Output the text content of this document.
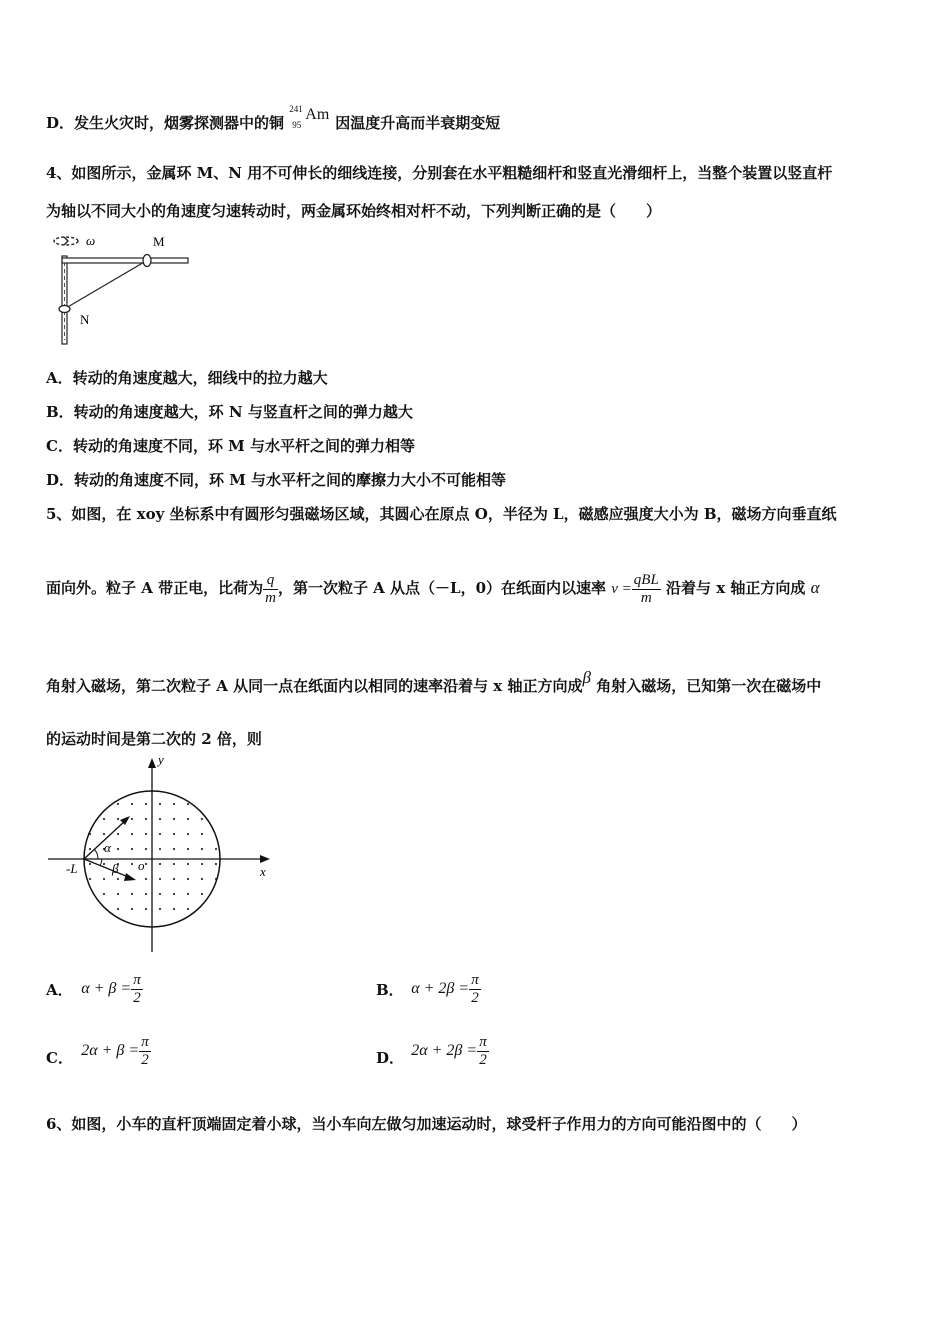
D．发生火灾时，烟雾探测器中的铜
241
95
Am 因温度升高而半衰期变短
4、如图所示，金属环 M、N 用不可伸长的细线连接，分别套在水平粗糙细杆和竖直光滑细杆上，当整个装置以竖直杆
为轴以不同大小的角速度匀速转动时，两金属环始终相对杆不动，下列判断正确的是（　　）
ω	M
N
A．转动的角速度越大，细线中的拉力越大
B．转动的角速度越大，环 N 与竖直杆之间的弹力越大
C．转动的角速度不同，环 M 与水平杆之间的弹力相等
D．转动的角速度不同，环 M 与水平杆之间的摩擦力大小不可能相等
5、如图，在 xoy 坐标系中有圆形匀强磁场区域，其圆心在原点 O，半径为 L，磁感应强度大小为 B，磁场方向垂直纸
面向外。粒子 A 带正电，比荷为 $\frac{q}{m}$ ，第一次粒子 A 从点（－L，0）在纸面内以速率 $v = \frac{\text{qBL}}{m}$ 沿着与 x 轴正方向成 α
角射入磁场，第二次粒子 A 从同一点在纸面内以相同的速率沿着与 x 轴正方向成β 角射入磁场，已知第一次在磁场中
的运动时间是第二次的 2 倍，则
y
x
-L	o
α
β
A． $\alpha + \beta = \frac{\pi}{2}$	B． $\alpha + 2\beta = \frac{\pi}{2}$
C． $2\alpha + \beta = \frac{\pi}{2}$	D． $2\alpha + 2\beta = \frac{\pi}{2}$
6、如图，小车的直杆顶端固定着小球，当小车向左做匀加速运动时，球受杆子作用力的方向可能沿图中的（　　）
